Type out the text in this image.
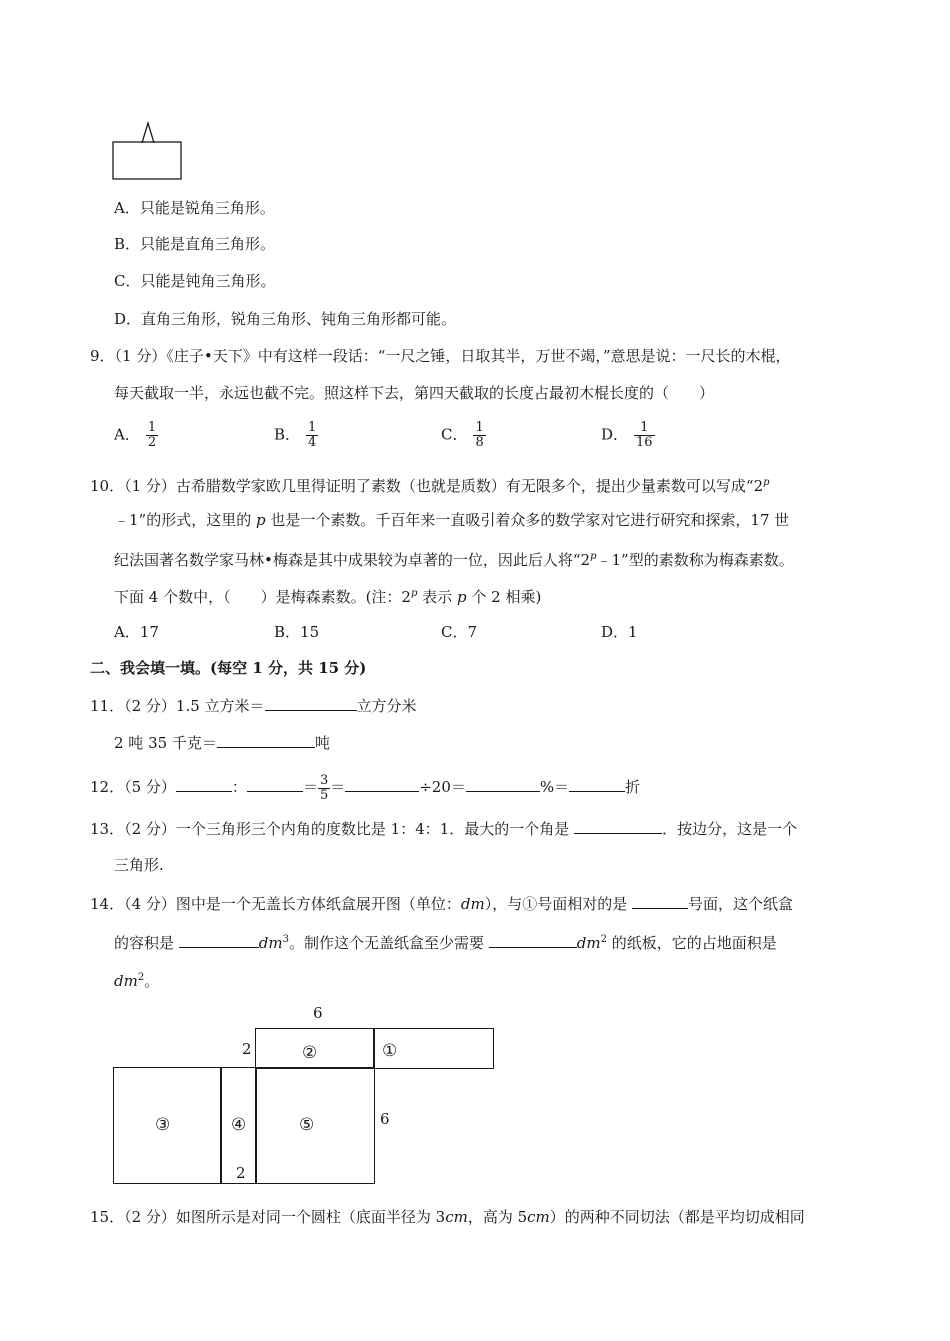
A．只能是锐角三角形。
B．只能是直角三角形。
C．只能是钝角三角形。
D．直角三角形，锐角三角形、钝角三角形都可能。
9．（1 分）《庄子•天下》中有这样一段话：“一尺之锤，日取其半，万世不竭，”意思是说：一尺长的木棍，
每天截取一半，永远也截不完。照这样下去，第四天截取的长度占最初木棍长度的（　　）
A． $\frac{1}{2}$	B． $\frac{1}{4}$	C． $\frac{1}{8}$	D． $\frac{1}{16}$
10．（1 分）古希腊数学家欧几里得证明了素数（也就是质数）有无限多个，提出少量素数可以写成“2$^p$
﹣1”的形式，这里的 p 也是一个素数。千百年来一直吸引着众多的数学家对它进行研究和探索，17 世
纪法国著名数学家马林•梅森是其中成果较为卓著的一位，因此后人将“2$^p$﹣1”型的素数称为梅森素数。
下面 4 个数中，（　　）是梅森素数。(注：2$^p$ 表示 p 个 2 相乘)
A．17	B．15	C．7	D．1
二、我会填一填。(每空 1 分，共 15 分)
11．（2 分）1.5 立方米＝	立方分米
2 吨 35 千克＝	吨
12．（5 分）	：	＝ $\frac{3}{5}$ ＝	÷20＝	%＝	折
13．（2 分）一个三角形三个内角的度数比是 1：4：1．最大的一个角是	．按边分，这是一个
三角形.
14．（4 分）图中是一个无盖长方体纸盒展开图（单位：dm），与①号面相对的是	号面，这个纸盒
的容积是	$dm^3$。制作这个无盖纸盒至少需要	$dm^2$ 的纸板，它的占地面积是
$dm^2$。
6
2
6
2
②	①
③	④	⑤
15．（2 分）如图所示是对同一个圆柱（底面半径为 3cm，高为 5cm）的两种不同切法（都是平均切成相同
